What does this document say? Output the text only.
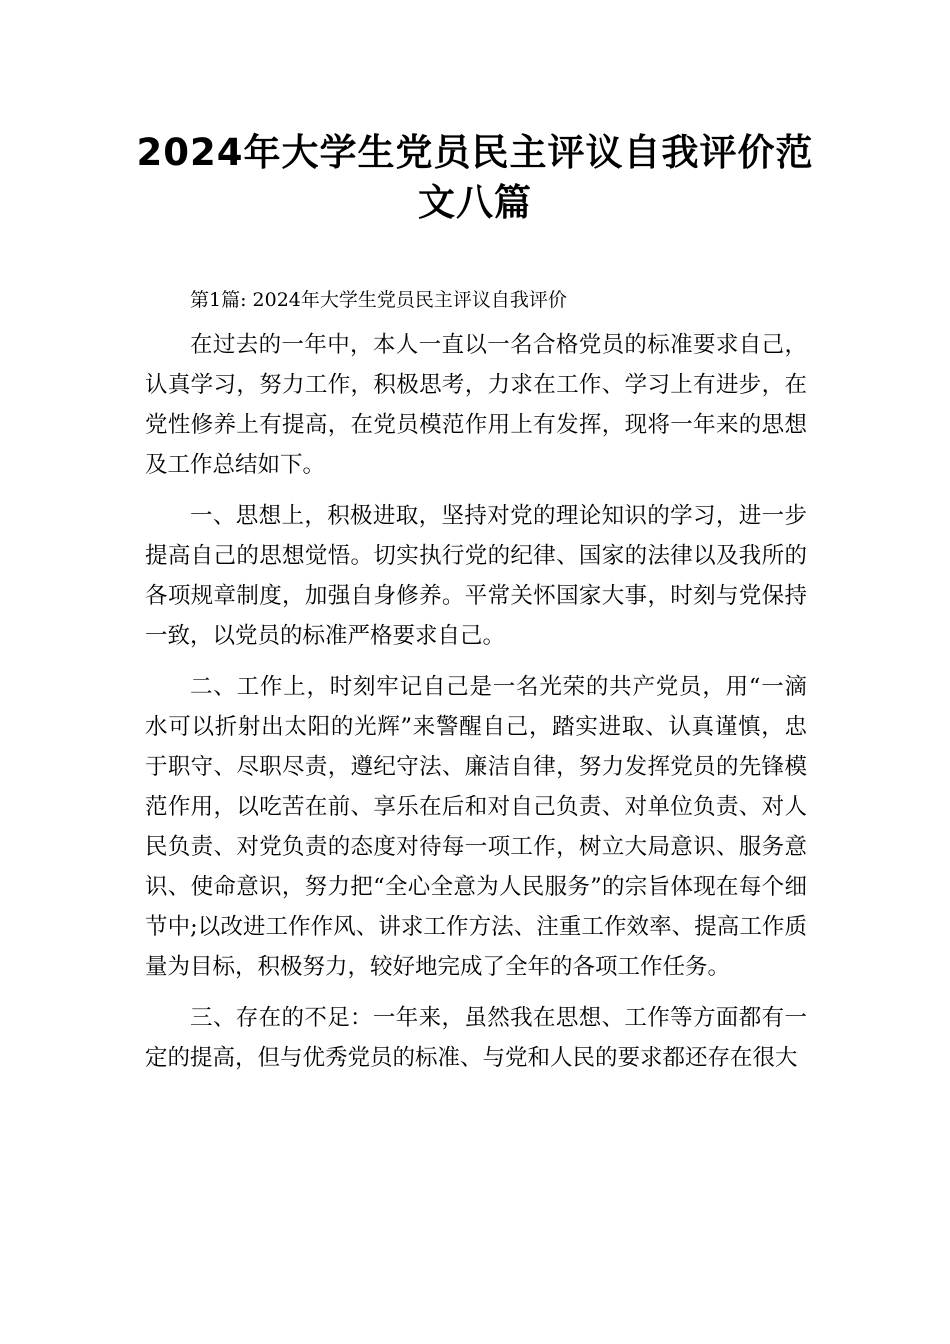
2024年大学生党员民主评议自我评价范文八篇

第1篇: 2024年大学生党员民主评议自我评价

在过去的一年中，本人一直以一名合格党员的标准要求自己，认真学习，努力工作，积极思考，力求在工作、学习上有进步，在党性修养上有提高，在党员模范作用上有发挥，现将一年来的思想及工作总结如下。

一、思想上，积极进取，坚持对党的理论知识的学习，进一步提高自己的思想觉悟。切实执行党的纪律、国家的法律以及我所的各项规章制度，加强自身修养。平常关怀国家大事，时刻与党保持一致，以党员的标准严格要求自己。

二、工作上，时刻牢记自己是一名光荣的共产党员，用“一滴水可以折射出太阳的光辉”来警醒自己，踏实进取、认真谨慎，忠于职守、尽职尽责，遵纪守法、廉洁自律，努力发挥党员的先锋模范作用，以吃苦在前、享乐在后和对自己负责、对单位负责、对人民负责、对党负责的态度对待每一项工作，树立大局意识、服务意识、使命意识，努力把“全心全意为人民服务”的宗旨体现在每个细节中;以改进工作作风、讲求工作方法、注重工作效率、提高工作质量为目标，积极努力，较好地完成了全年的各项工作任务。

三、存在的不足：一年来，虽然我在思想、工作等方面都有一定的提高，但与优秀党员的标准、与党和人民的要求都还存在很大
